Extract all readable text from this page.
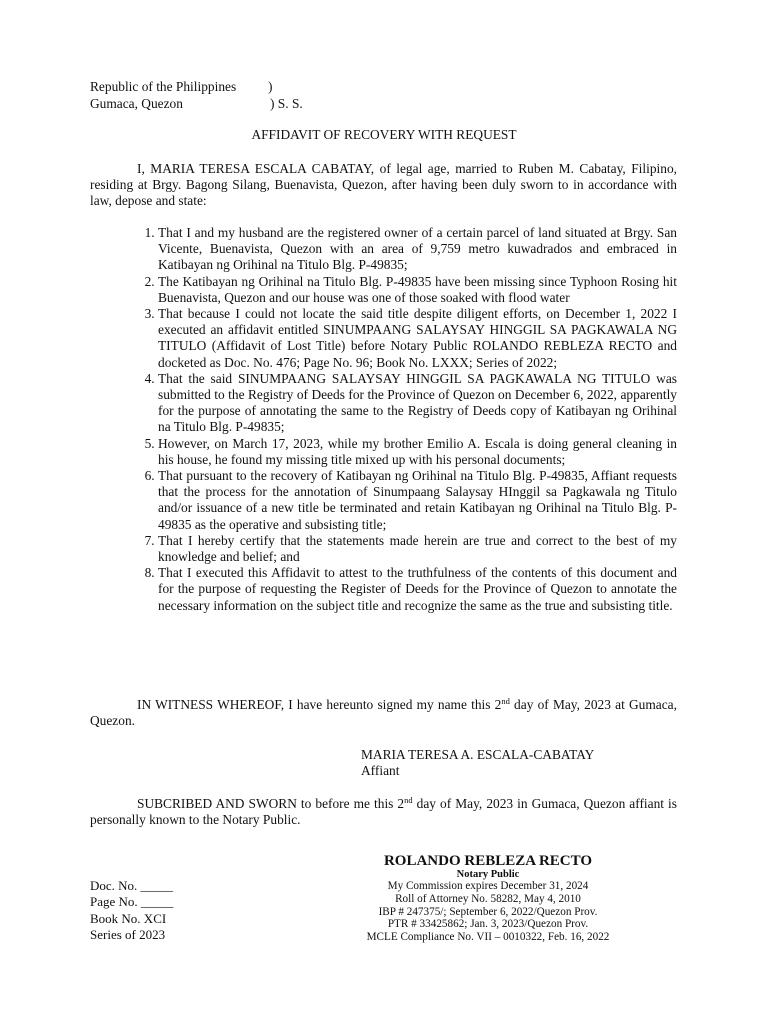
Republic of the Philippines )
Gumaca, Quezon	) S. S.
AFFIDAVIT OF RECOVERY WITH REQUEST
I, MARIA TERESA ESCALA CABATAY, of legal age, married to Ruben M. Cabatay, Filipino, residing at Brgy. Bagong Silang, Buenavista, Quezon, after having been duly sworn to in accordance with law, depose and state:
1. That I and my husband are the registered owner of a certain parcel of land situated at Brgy. San Vicente, Buenavista, Quezon with an area of 9,759 metro kuwadrados and embraced in Katibayan ng Orihinal na Titulo Blg. P-49835;
2. The Katibayan ng Orihinal na Titulo Blg. P-49835 have been missing since Typhoon Rosing hit Buenavista, Quezon and our house was one of those soaked with flood water
3. That because I could not locate the said title despite diligent efforts, on December 1, 2022 I executed an affidavit entitled SINUMPAANG SALAYSAY HINGGIL SA PAGKAWALA NG TITULO (Affidavit of Lost Title) before Notary Public ROLANDO REBLEZA RECTO and docketed as Doc. No. 476; Page No. 96; Book No. LXXX; Series of 2022;
4. That the said SINUMPAANG SALAYSAY HINGGIL SA PAGKAWALA NG TITULO was submitted to the Registry of Deeds for the Province of Quezon on December 6, 2022, apparently for the purpose of annotating the same to the Registry of Deeds copy of Katibayan ng Orihinal na Titulo Blg. P-49835;
5. However, on March 17, 2023, while my brother Emilio A. Escala is doing general cleaning in his house, he found my missing title mixed up with his personal documents;
6. That pursuant to the recovery of Katibayan ng Orihinal na Titulo Blg. P-49835, Affiant requests that the process for the annotation of Sinumpaang Salaysay HInggil sa Pagkawala ng Titulo and/or issuance of a new title be terminated and retain Katibayan ng Orihinal na Titulo Blg. P-49835 as the operative and subsisting title;
7. That I hereby certify that the statements made herein are true and correct to the best of my knowledge and belief; and
8. That I executed this Affidavit to attest to the truthfulness of the contents of this document and for the purpose of requesting the Register of Deeds for the Province of Quezon to annotate the necessary information on the subject title and recognize the same as the true and subsisting title.
IN WITNESS WHEREOF, I have hereunto signed my name this 2nd day of May, 2023 at Gumaca, Quezon.
MARIA TERESA A. ESCALA-CABATAY
Affiant
SUBCRIBED AND SWORN to before me this 2nd day of May, 2023 in Gumaca, Quezon affiant is personally known to the Notary Public.
ROLANDO REBLEZA RECTO
Notary Public
My Commission expires December 31, 2024
Roll of Attorney No. 58282, May 4, 2010
IBP # 247375/; September 6, 2022/Quezon Prov.
PTR # 33425862; Jan. 3, 2023/Quezon Prov.
MCLE Compliance No. VII – 0010322, Feb. 16, 2022
Doc. No. _____
Page No. _____
Book No. XCI
Series of 2023
